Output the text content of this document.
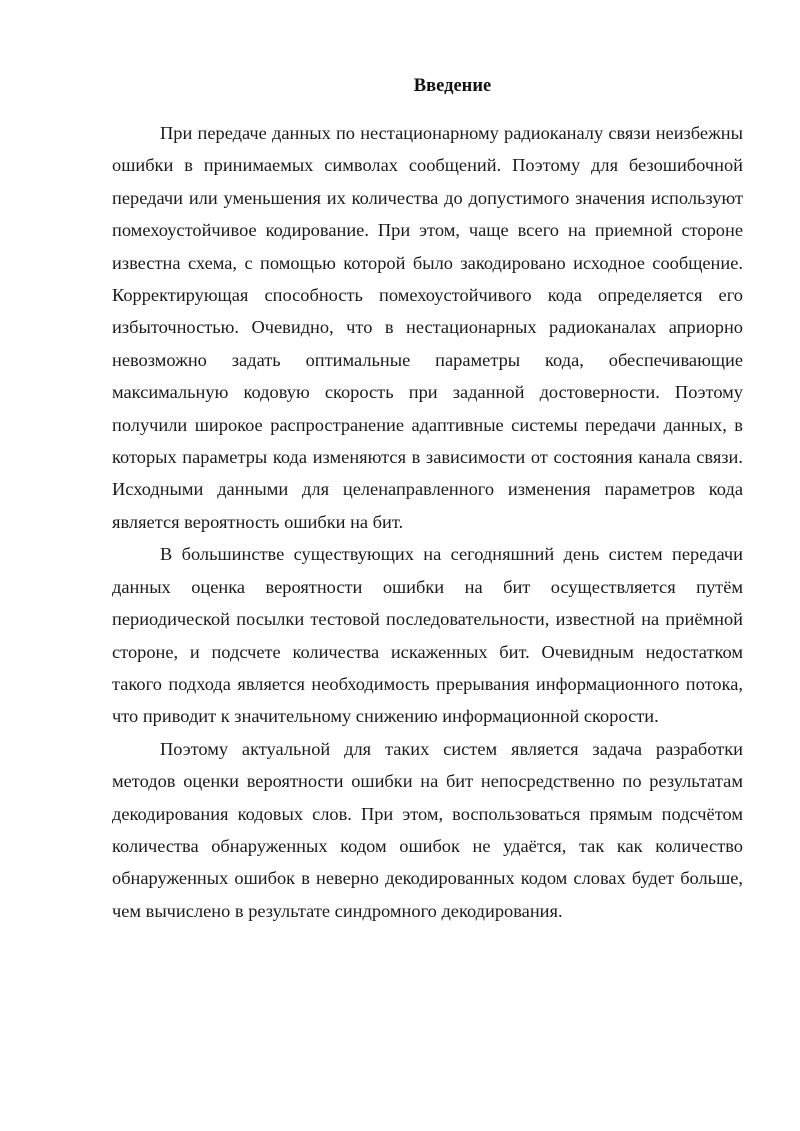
Введение

При передаче данных по нестационарному радиоканалу связи неизбежны ошибки в принимаемых символах сообщений. Поэтому для безошибочной передачи или уменьшения их количества до допустимого значения используют помехоустойчивое кодирование. При этом, чаще всего на приемной стороне известна схема, с помощью которой было закодировано исходное сообщение. Корректирующая способность помехоустойчивого кода определяется его избыточностью. Очевидно, что в нестационарных радиоканалах априорно невозможно задать оптимальные параметры кода, обеспечивающие максимальную кодовую скорость при заданной достоверности. Поэтому получили широкое распространение адаптивные системы передачи данных, в которых параметры кода изменяются в зависимости от состояния канала связи. Исходными данными для целенаправленного изменения параметров кода является вероятность ошибки на бит.

В большинстве существующих на сегодняшний день систем передачи данных оценка вероятности ошибки на бит осуществляется путём периодической посылки тестовой последовательности, известной на приёмной стороне, и подсчете количества искаженных бит. Очевидным недостатком такого подхода является необходимость прерывания информационного потока, что приводит к значительному снижению информационной скорости.

Поэтому актуальной для таких систем является задача разработки методов оценки вероятности ошибки на бит непосредственно по результатам декодирования кодовых слов. При этом, воспользоваться прямым подсчётом количества обнаруженных кодом ошибок не удаётся, так как количество обнаруженных ошибок в неверно декодированных кодом словах будет больше, чем вычислено в результате синдромного декодирования.
